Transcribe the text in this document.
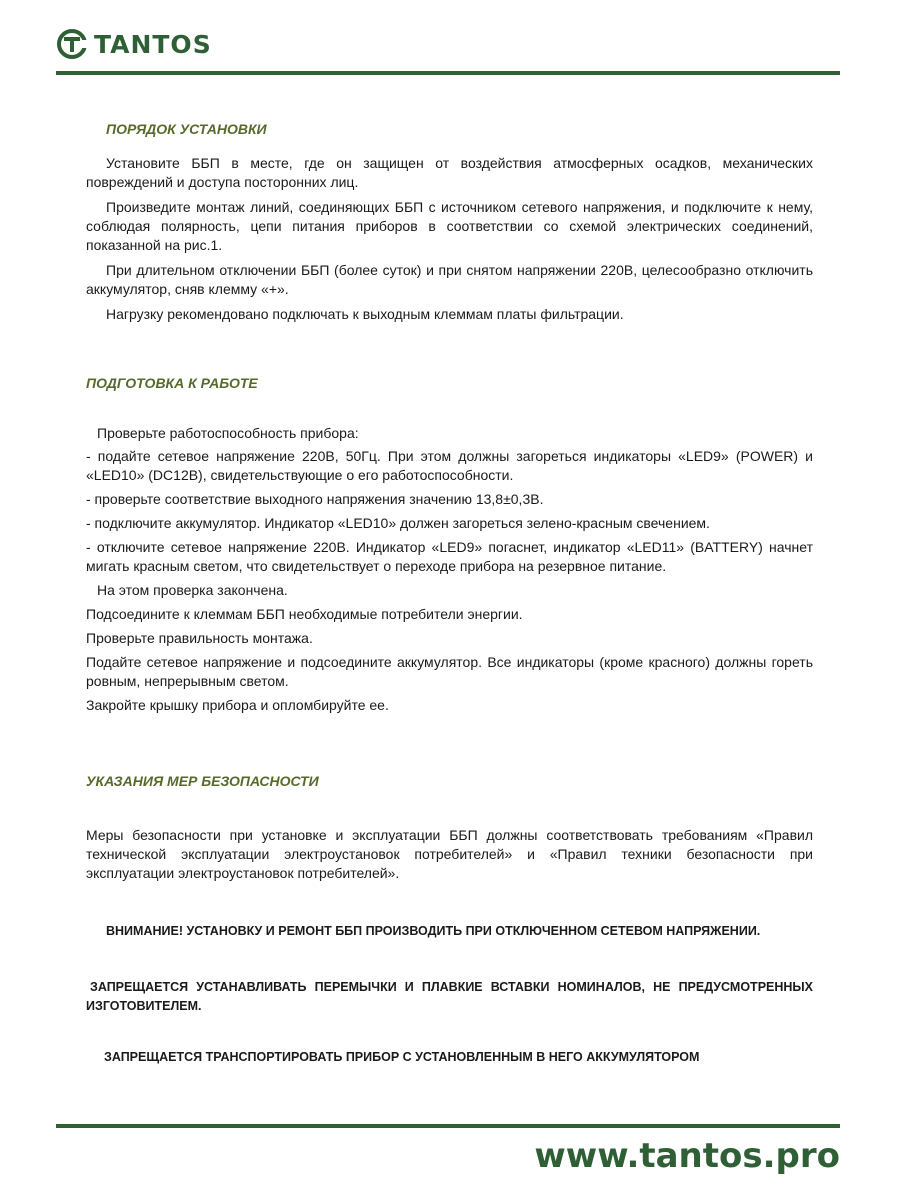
TANTOS
ПОРЯДОК УСТАНОВКИ
Установите ББП в месте, где он защищен от воздействия атмосферных осадков, механических повреждений и доступа посторонних лиц.
Произведите монтаж линий, соединяющих ББП с источником сетевого напряжения, и подключите к нему, соблюдая полярность, цепи питания приборов в соответствии со схемой электрических соединений, показанной на рис.1.
При длительном отключении ББП (более суток) и при снятом напряжении 220В, целесообразно отключить аккумулятор, сняв клемму «+».
Нагрузку рекомендовано подключать к выходным клеммам платы фильтрации.
ПОДГОТОВКА К РАБОТЕ
Проверьте работоспособность прибора:
- подайте сетевое напряжение 220В, 50Гц. При этом должны загореться индикаторы «LED9» (POWER) и «LED10» (DC12В), свидетельствующие о его работоспособности.
- проверьте соответствие выходного напряжения значению 13,8±0,3В.
- подключите аккумулятор. Индикатор «LED10» должен загореться зелено-красным свечением.
- отключите сетевое напряжение 220В. Индикатор «LED9» погаснет, индикатор «LED11» (BATTERY) начнет мигать красным светом, что свидетельствует о переходе прибора на резервное питание.
На этом проверка закончена.
Подсоедините к клеммам ББП необходимые потребители энергии.
Проверьте правильность монтажа.
Подайте сетевое напряжение и подсоедините аккумулятор. Все индикаторы (кроме красного) должны гореть ровным, непрерывным светом.
Закройте крышку прибора и опломбируйте ее.
УКАЗАНИЯ МЕР БЕЗОПАСНОСТИ
Меры безопасности при установке и эксплуатации ББП должны соответствовать требованиям «Правил технической эксплуатации электроустановок потребителей» и «Правил техники безопасности при эксплуатации электроустановок потребителей».
ВНИМАНИЕ! УСТАНОВКУ И РЕМОНТ ББП ПРОИЗВОДИТЬ ПРИ ОТКЛЮЧЕННОМ СЕТЕВОМ НАПРЯЖЕНИИ.
ЗАПРЕЩАЕТСЯ УСТАНАВЛИВАТЬ ПЕРЕМЫЧКИ И ПЛАВКИЕ ВСТАВКИ НОМИНАЛОВ, НЕ ПРЕДУСМОТРЕННЫХ ИЗГОТОВИТЕЛЕМ.
ЗАПРЕЩАЕТСЯ ТРАНСПОРТИРОВАТЬ ПРИБОР С УСТАНОВЛЕННЫМ В НЕГО АККУМУЛЯТОРОМ
www.tantos.pro
